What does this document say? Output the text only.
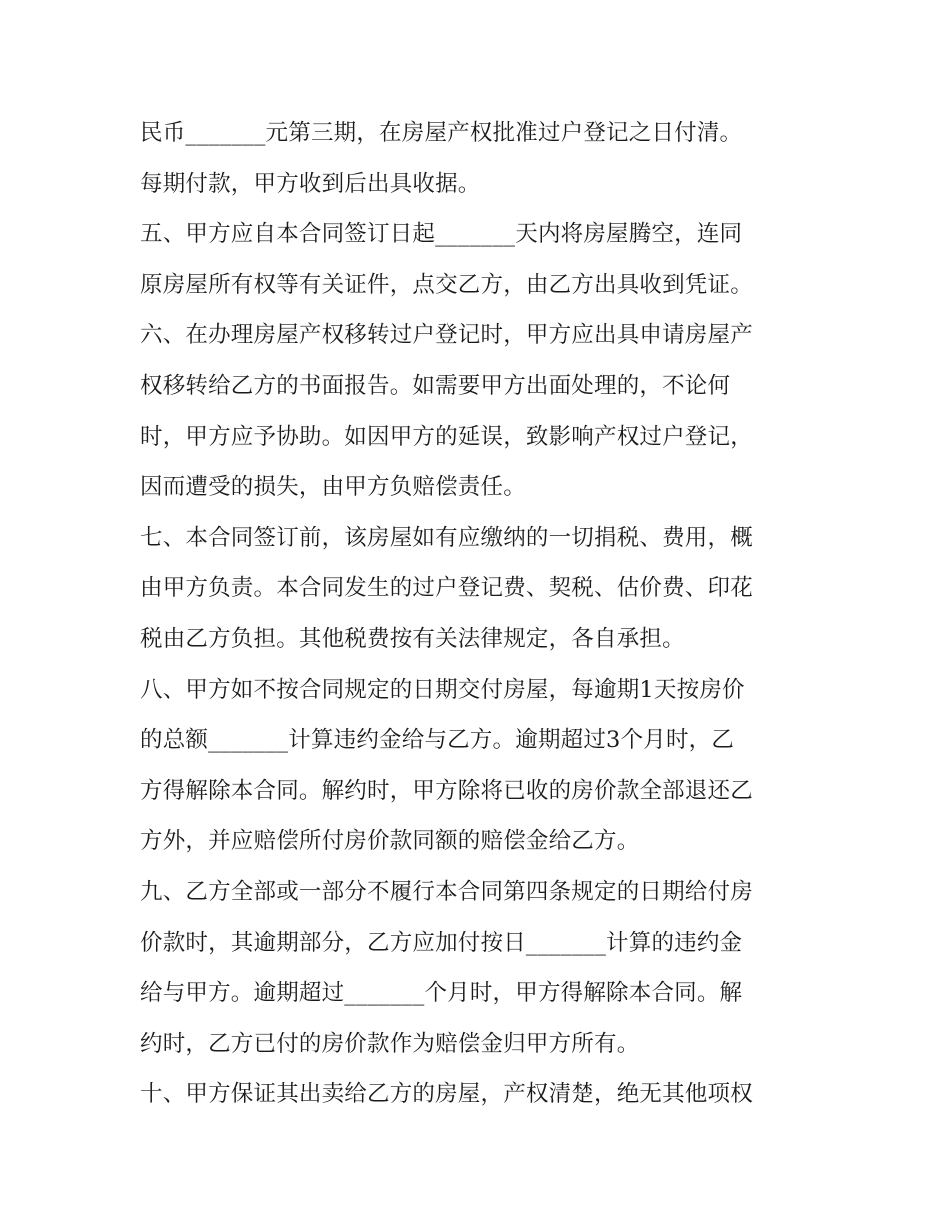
民币_______元第三期，在房屋产权批准过户登记之日付清。
每期付款，甲方收到后出具收据。
五、甲方应自本合同签订日起_______天内将房屋腾空，连同
原房屋所有权等有关证件，点交乙方，由乙方出具收到凭证。
六、在办理房屋产权移转过户登记时，甲方应出具申请房屋产
权移转给乙方的书面报告。如需要甲方出面处理的，不论何
时，甲方应予协助。如因甲方的延误，致影响产权过户登记，
因而遭受的损失，由甲方负赔偿责任。
七、本合同签订前，该房屋如有应缴纳的一切捐税、费用，概
由甲方负责。本合同发生的过户登记费、契税、估价费、印花
税由乙方负担。其他税费按有关法律规定，各自承担。
八、甲方如不按合同规定的日期交付房屋，每逾期1天按房价
的总额_______计算违约金给与乙方。逾期超过3个月时，乙
方得解除本合同。解约时，甲方除将已收的房价款全部退还乙
方外，并应赔偿所付房价款同额的赔偿金给乙方。
九、乙方全部或一部分不履行本合同第四条规定的日期给付房
价款时，其逾期部分，乙方应加付按日_______计算的违约金
给与甲方。逾期超过_______个月时，甲方得解除本合同。解
约时，乙方已付的房价款作为赔偿金归甲方所有。
十、甲方保证其出卖给乙方的房屋，产权清楚，绝无其他项权
